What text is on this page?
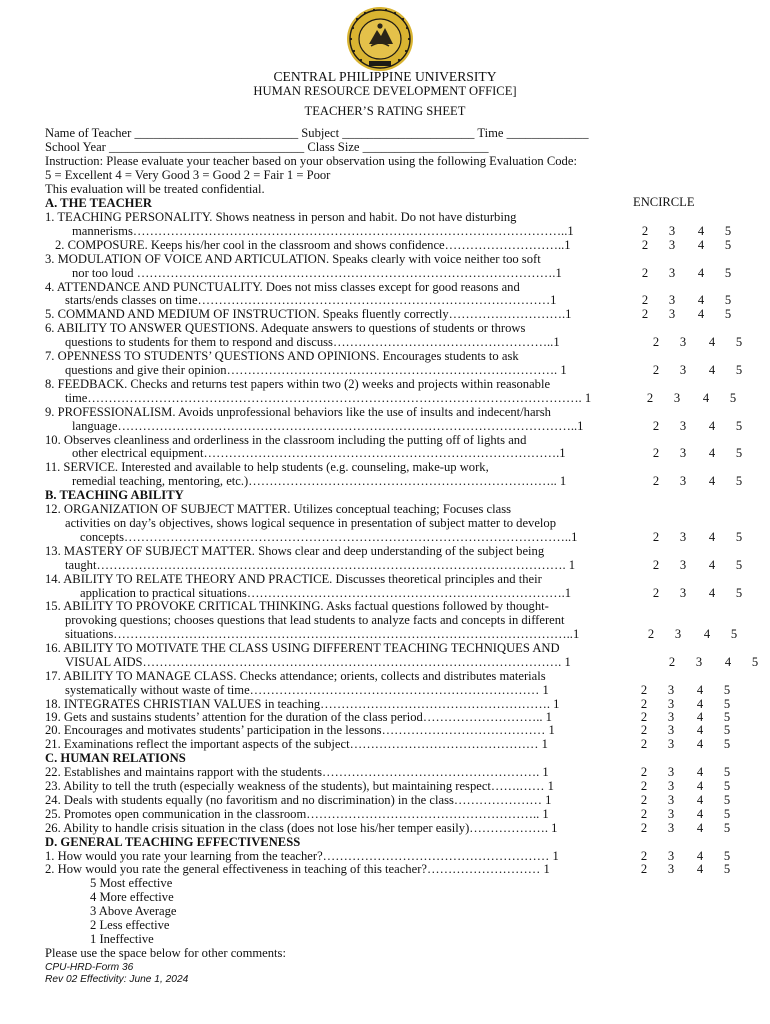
CENTRAL PHILIPPINE UNIVERSITY
HUMAN RESOURCE DEVELOPMENT OFFICE]
TEACHER’S RATING SHEET
Name of Teacher __________________________ Subject _____________________ Time _____________
School Year _______________________________ Class Size ____________________
Instruction: Please evaluate your teacher based on your observation using the following Evaluation Code:
5 = Excellent 4 = Very Good 3 = Good 2 = Fair 1 = Poor
This evaluation will be treated confidential.
ENCIRCLE
A. THE TEACHER
1. TEACHING PERSONALITY. Shows neatness in person and habit. Do not have disturbing
mannerisms…………………………………………………………………………………………..1	2	3	4	5
2. COMPOSURE. Keeps his/her cool in the classroom and shows confidence………………………..1	2	3	4	5
3. MODULATION OF VOICE AND ARTICULATION. Speaks clearly with voice neither too soft
nor too loud ……………………………………………………………………………………….1	2	3	4	5
4. ATTENDANCE AND PUNCTUALITY. Does not miss classes except for good reasons and
starts/ends classes on time…………………………………………………………………………1	2	3	4	5
5. COMMAND AND MEDIUM OF INSTRUCTION. Speaks fluently correctly……………………….1	2	3	4	5
6. ABILITY TO ANSWER QUESTIONS. Adequate answers to questions of students or throws
questions to students for them to respond and discuss……………………………………………..1	2	3	4	5
7. OPENNESS TO STUDENTS’ QUESTIONS AND OPINIONS. Encourages students to ask
questions and give their opinion……………………………………………………………………. 1	2	3	4	5
8. FEEDBACK. Checks and returns test papers within two (2) weeks and projects within reasonable
time………………………………………………………………………………………………………. 1	2	3	4	5
9. PROFESSIONALISM. Avoids unprofessional behaviors like the use of insults and indecent/harsh
language………………………………………………………………………………………………..1	2	3	4	5
10. Observes cleanliness and orderliness in the classroom including the putting off of lights and
other electrical equipment………………………………………………………………………….1	2	3	4	5
11. SERVICE. Interested and available to help students (e.g. counseling, make-up work,
remedial teaching, mentoring, etc.)……………………………………………………………….. 1	2	3	4	5
B. TEACHING ABILITY
12. ORGANIZATION OF SUBJECT MATTER. Utilizes conceptual teaching; Focuses class
activities on day’s objectives, shows logical sequence in presentation of subject matter to develop
concepts……………………………………………………………………………………………..1	2	3	4	5
13. MASTERY OF SUBJECT MATTER. Shows clear and deep understanding of the subject being
taught…………………………………………………………………………………………………. 1	2	3	4	5
14. ABILITY TO RELATE THEORY AND PRACTICE. Discusses theoretical principles and their
application to practical situations………………………………………………………………….1	2	3	4	5
15. ABILITY TO PROVOKE CRITICAL THINKING. Asks factual questions followed by thought-
provoking questions; chooses questions that lead students to analyze facts and concepts in different
situations………………………………………………………………………………………………..1	2	3	4	5
16. ABILITY TO MOTIVATE THE CLASS USING DIFFERENT TEACHING TECHNIQUES AND
VISUAL AIDS………………………………………………………………………………………. 1	2	3	4	5
17. ABILITY TO MANAGE CLASS. Checks attendance; orients, collects and distributes materials
systematically without waste of time…………………………………………………………… 1	2	3	4	5
18. INTEGRATES CHRISTIAN VALUES in teaching………………………………………………. 1	2	3	4	5
19. Gets and sustains students’ attention for the duration of the class period……………………….. 1	2	3	4	5
20. Encourages and motivates students’ participation in the lessons………………………………… 1	2	3	4	5
21. Examinations reflect the important aspects of the subject……………………………………… 1	2	3	4	5
C. HUMAN RELATIONS
22. Establishes and maintains rapport with the students……………………………………………. 1	2	3	4	5
23. Ability to tell the truth (especially weakness of the students), but maintaining respect…….…… 1	2	3	4	5
24. Deals with students equally (no favoritism and no discrimination) in the class………………… 1	2	3	4	5
25. Promotes open communication in the classroom……………………………………………….. 1	2	3	4	5
26. Ability to handle crisis situation in the class (does not lose his/her temper easily)………………. 1	2	3	4	5
D. GENERAL TEACHING EFFECTIVENESS
1. How would you rate your learning from the teacher?……………………………………………… 1	2	3	4	5
2. How would you rate the general effectiveness in teaching of this teacher?……………………… 1	2	3	4	5
5 Most effective
4 More effective
3 Above Average
2 Less effective
1 Ineffective
Please use the space below for other comments:
CPU-HRD-Form 36
Rev 02 Effectivity: June 1, 2024
